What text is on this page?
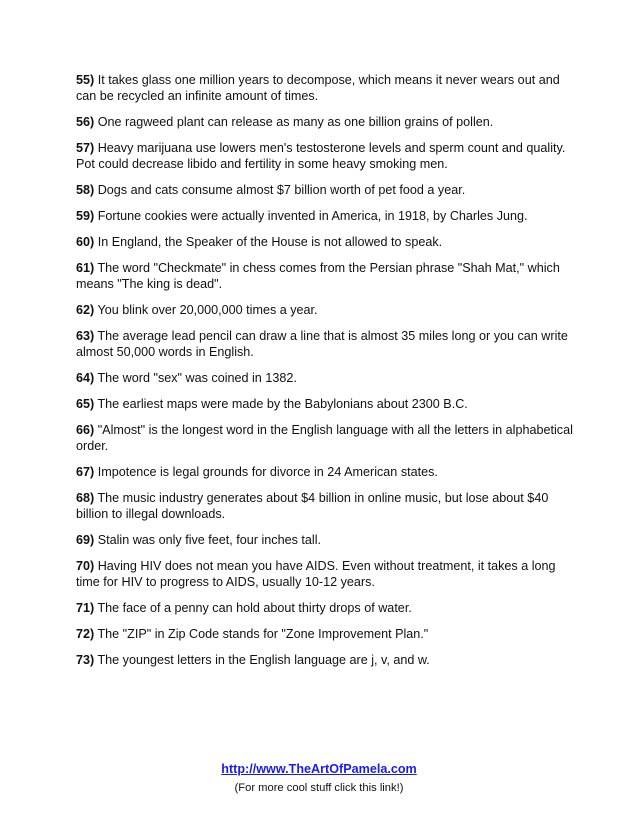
55) It takes glass one million years to decompose, which means it never wears out and can be recycled an infinite amount of times.

56) One ragweed plant can release as many as one billion grains of pollen.

57) Heavy marijuana use lowers men's testosterone levels and sperm count and quality. Pot could decrease libido and fertility in some heavy smoking men.

58) Dogs and cats consume almost $7 billion worth of pet food a year.

59) Fortune cookies were actually invented in America, in 1918, by Charles Jung.

60) In England, the Speaker of the House is not allowed to speak.

61) The word "Checkmate" in chess comes from the Persian phrase "Shah Mat," which means "The king is dead".

62) You blink over 20,000,000 times a year.

63) The average lead pencil can draw a line that is almost 35 miles long or you can write almost 50,000 words in English.

64) The word "sex" was coined in 1382.

65) The earliest maps were made by the Babylonians about 2300 B.C.

66) "Almost" is the longest word in the English language with all the letters in alphabetical order.

67) Impotence is legal grounds for divorce in 24 American states.

68) The music industry generates about $4 billion in online music, but lose about $40 billion to illegal downloads.

69) Stalin was only five feet, four inches tall.

70) Having HIV does not mean you have AIDS. Even without treatment, it takes a long time for HIV to progress to AIDS, usually 10-12 years.

71) The face of a penny can hold about thirty drops of water.

72) The "ZIP" in Zip Code stands for "Zone Improvement Plan."

73) The youngest letters in the English language are j, v, and w.

http://www.TheArtOfPamela.com
(For more cool stuff click this link!)
